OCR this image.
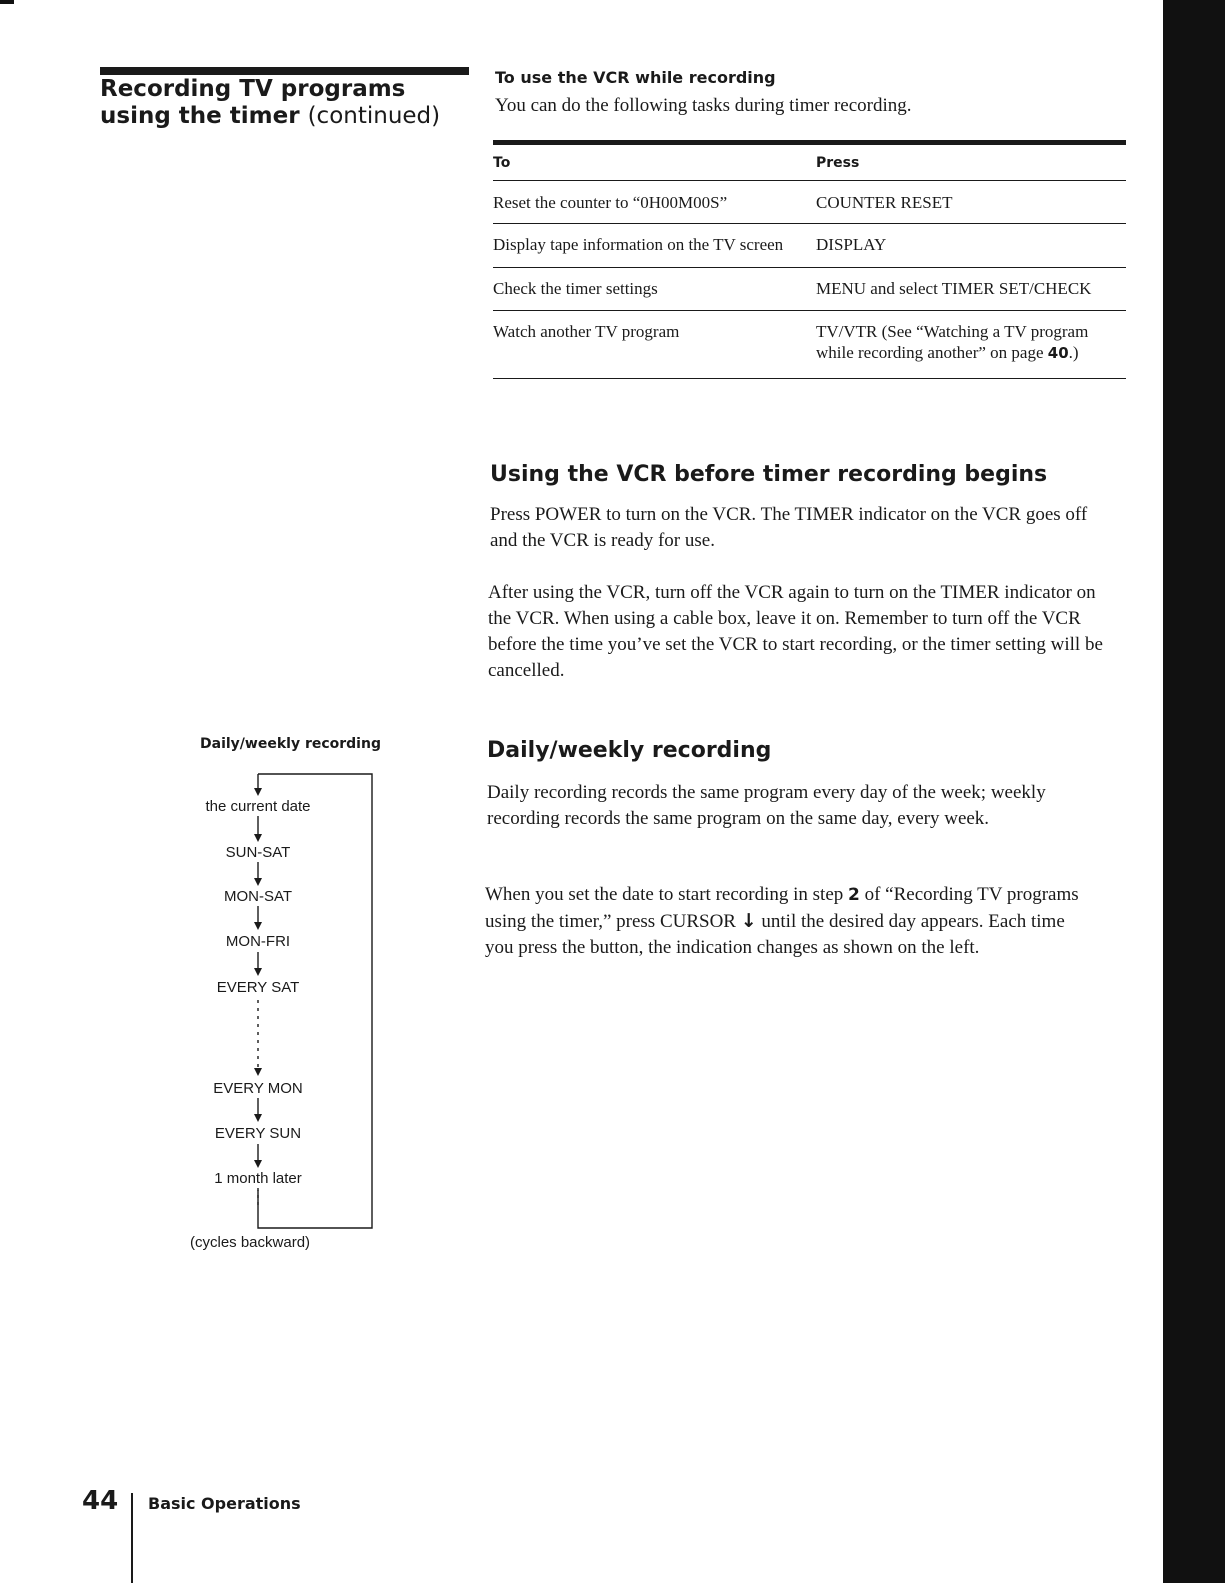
Recording TV programs using the timer (continued)
To use the VCR while recording
You can do the following tasks during timer recording.
To	Press
Reset the counter to “0H00M00S”	COUNTER RESET
Display tape information on the TV screen	DISPLAY
Check the timer settings	MENU and select TIMER SET/CHECK
Watch another TV program	TV/VTR (See “Watching a TV program while recording another” on page 40.)
Using the VCR before timer recording begins
Press POWER to turn on the VCR. The TIMER indicator on the VCR goes off and the VCR is ready for use.
After using the VCR, turn off the VCR again to turn on the TIMER indicator on the VCR. When using a cable box, leave it on. Remember to turn off the VCR before the time you’ve set the VCR to start recording, or the timer setting will be cancelled.
Daily/weekly recording
Daily recording records the same program every day of the week; weekly recording records the same program on the same day, every week.
When you set the date to start recording in step 2 of “Recording TV programs using the timer,” press CURSOR ↓ until the desired day appears. Each time you press the button, the indication changes as shown on the left.
Daily/weekly recording
the current date
SUN-SAT
MON-SAT
MON-FRI
EVERY SAT
EVERY MON
EVERY SUN
1 month later
(cycles backward)
44 Basic Operations
